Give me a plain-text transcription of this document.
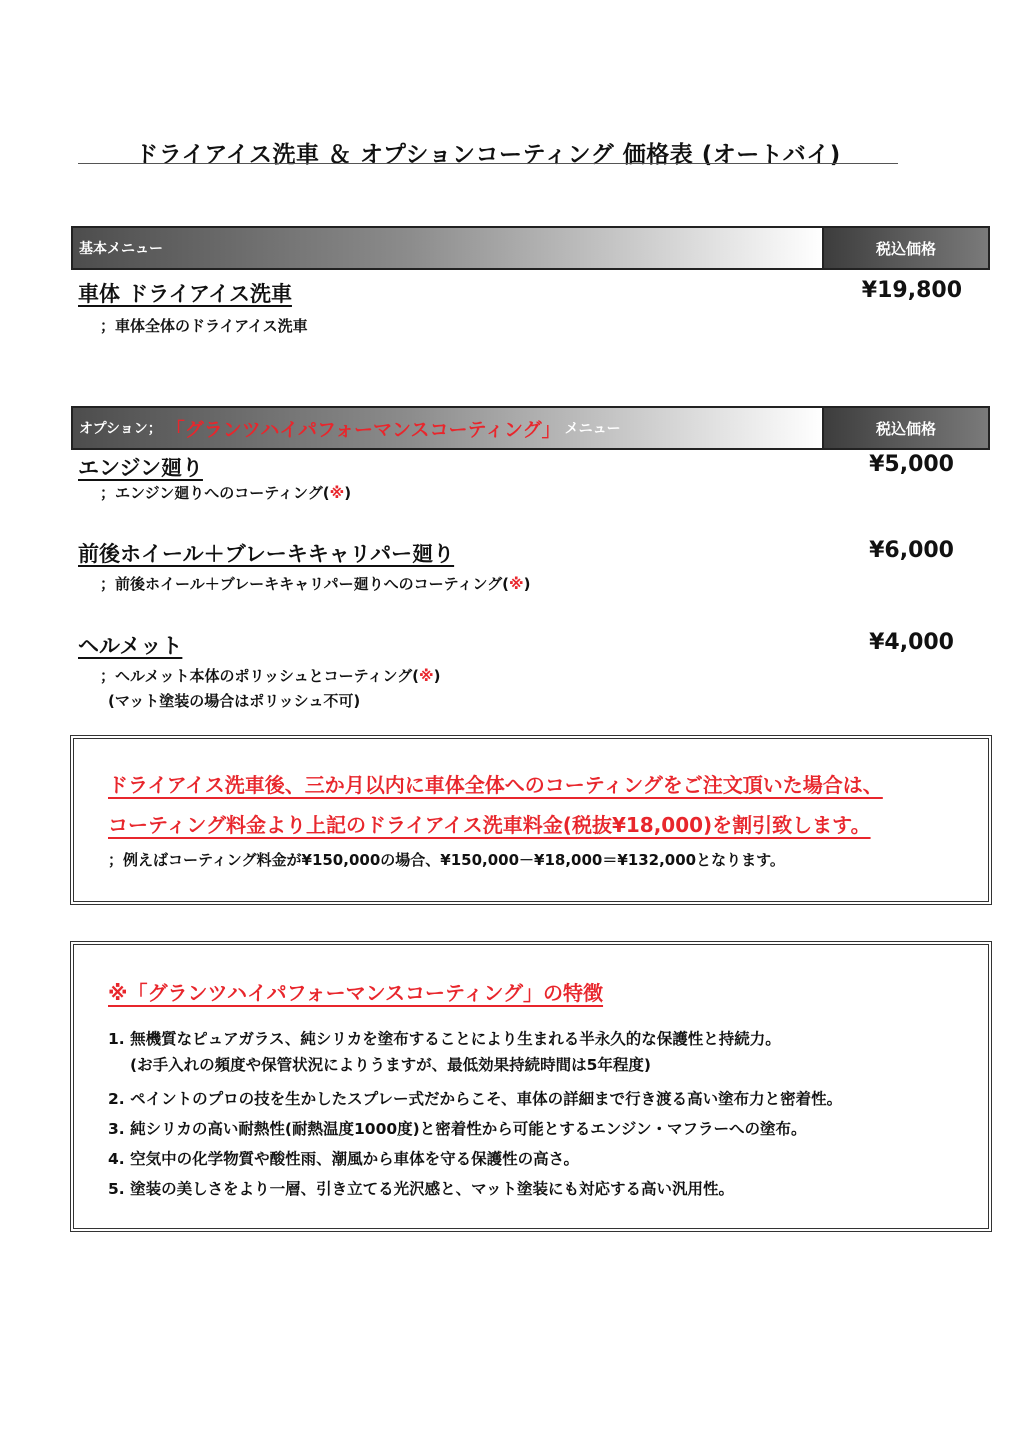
ドライアイス洗車 ＆ オプションコーティング 価格表 (オートバイ)
基本メニュー	税込価格
車体 ドライアイス洗車	¥19,800
；車体全体のドライアイス洗車
オプション； 「グランツハイパフォーマンスコーティング」 メニュー	税込価格
エンジン廻り	¥5,000
；エンジン廻りへのコーティング(※)
前後ホイール＋ブレーキキャリパー廻り	¥6,000
；前後ホイール＋ブレーキキャリパー廻りへのコーティング(※)
ヘルメット	¥4,000
；ヘルメット本体のポリッシュとコーティング(※)
(マット塗装の場合はポリッシュ不可)
ドライアイス洗車後、三か月以内に車体全体へのコーティングをご注文頂いた場合は、
コーティング料金より上記のドライアイス洗車料金(税抜¥18,000)を割引致します。
；例えばコーティング料金が¥150,000の場合、¥150,000－¥18,000＝¥132,000となります。
※「グランツハイパフォーマンスコーティング」の特徴
1. 無機質なピュアガラス、純シリカを塗布することにより生まれる半永久的な保護性と持続力。
(お手入れの頻度や保管状況によりうますが、最低効果持続時間は5年程度)
2. ペイントのプロの技を生かしたスプレー式だからこそ、車体の詳細まで行き渡る高い塗布力と密着性。
3. 純シリカの高い耐熱性(耐熱温度1000度)と密着性から可能とするエンジン・マフラーへの塗布。
4. 空気中の化学物質や酸性雨、潮風から車体を守る保護性の高さ。
5. 塗装の美しさをより一層、引き立てる光沢感と、マット塗装にも対応する高い汎用性。
